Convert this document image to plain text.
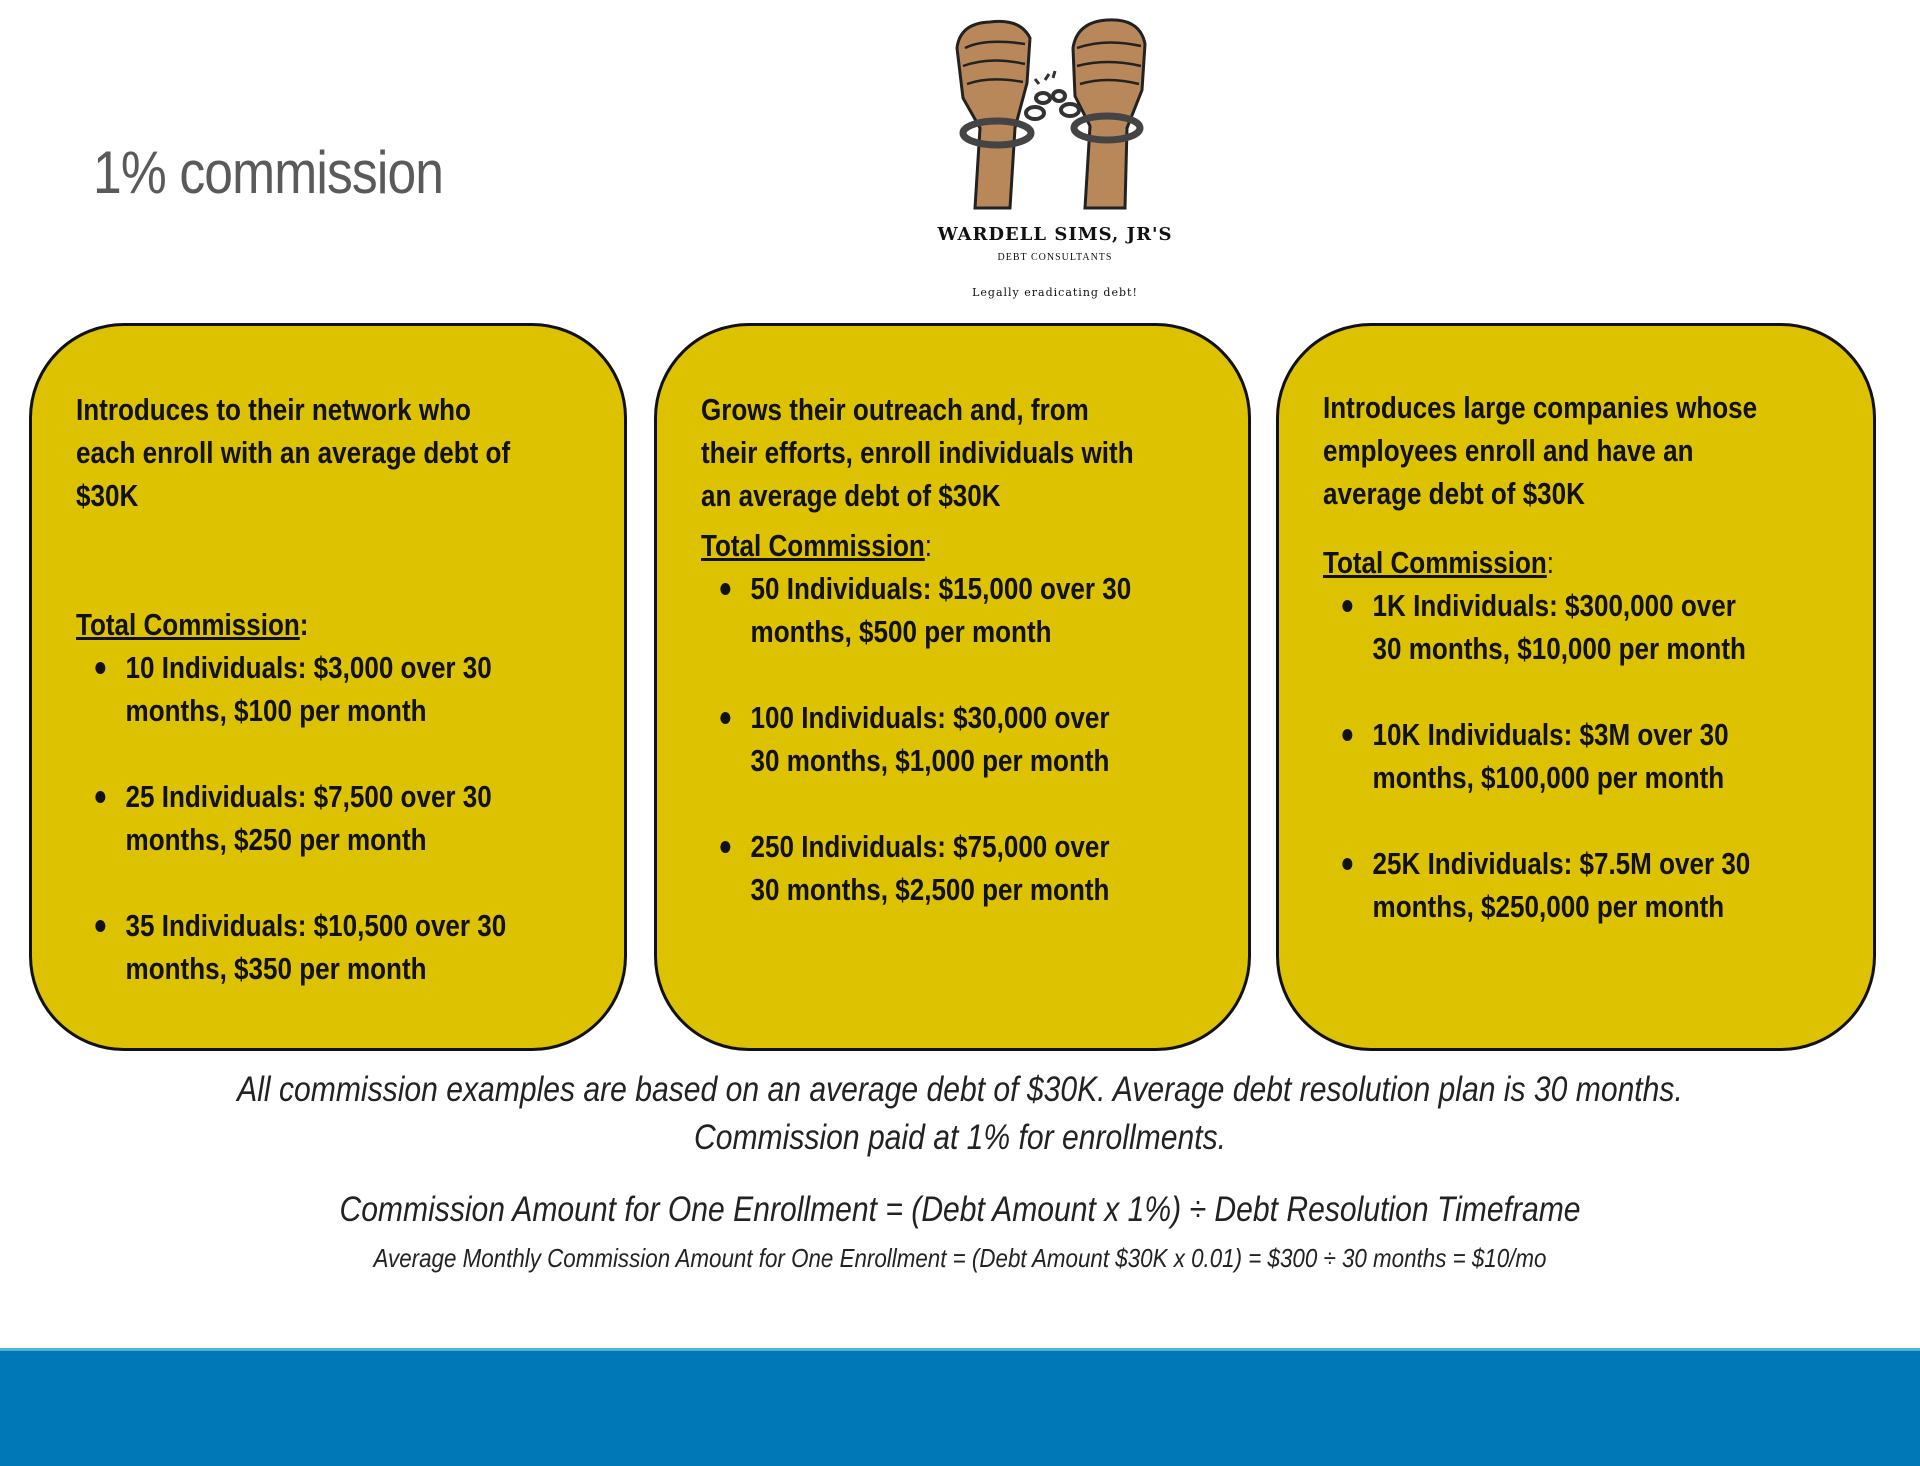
1% commission
WARDELL SIMS, JR'S
DEBT CONSULTANTS
Legally eradicating debt!

Introduces to their network who each enroll with an average debt of $30K

Total Commission:

10 Individuals: $3,000 over 30 months, $100 per month
25 Individuals: $7,500 over 30 months, $250 per month
35 Individuals: $10,500 over 30 months, $350 per month

Grows their outreach and, from their efforts, enroll individuals with an average debt of $30K

Total Commission:

50 Individuals: $15,000 over 30 months, $500 per month
100 Individuals: $30,000 over 30 months, $1,000 per month
250 Individuals: $75,000 over 30 months, $2,500 per month

Introduces large companies whose employees enroll and have an average debt of $30K

Total Commission:

1K Individuals: $300,000 over 30 months, $10,000 per month
10K Individuals: $3M over 30 months, $100,000 per month
25K Individuals: $7.5M over 30 months, $250,000 per month
All commission examples are based on an average debt of $30K. Average debt resolution plan is 30 months.
Commission paid at 1% for enrollments.
Commission Amount for One Enrollment = (Debt Amount x 1%) ÷ Debt Resolution Timeframe
Average Monthly Commission Amount for One Enrollment = (Debt Amount $30K x 0.01) = $300 ÷ 30 months = $10/mo
